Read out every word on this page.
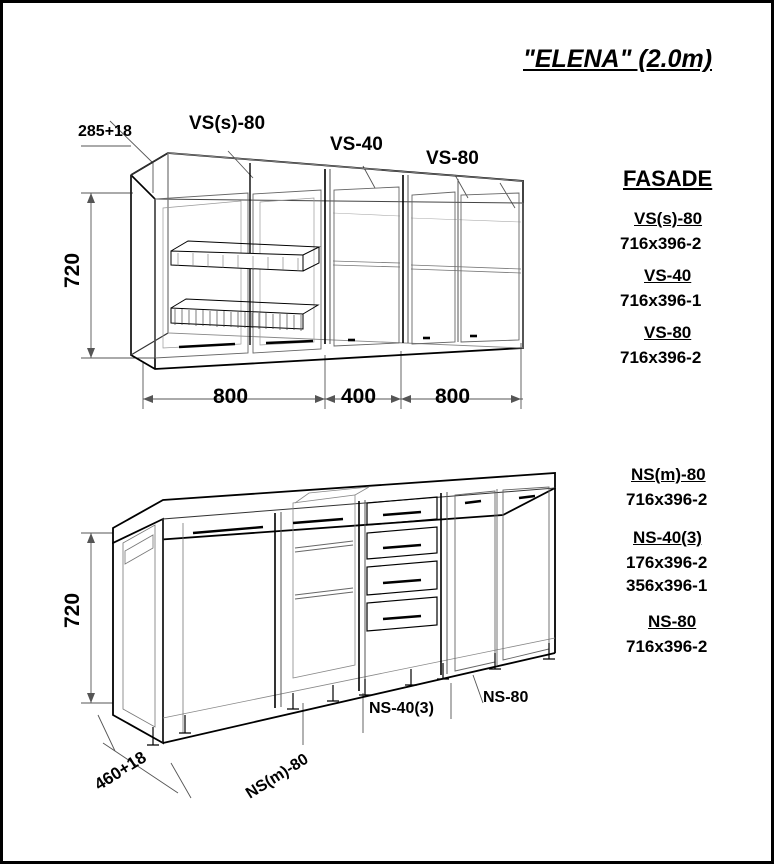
"ELENA" (2.0m)
285+18
720
VS(s)-80
VS-40
VS-80
800	400	800
FASADE
VS(s)-80
716x396-2
VS-40
716x396-1
VS-80
716x396-2
NS(m)-80
716x396-2
NS-40(3)
176x396-2
356x396-1
NS-80
716x396-2
720
460+18	NS(m)-80
NS-40(3)
NS-80
